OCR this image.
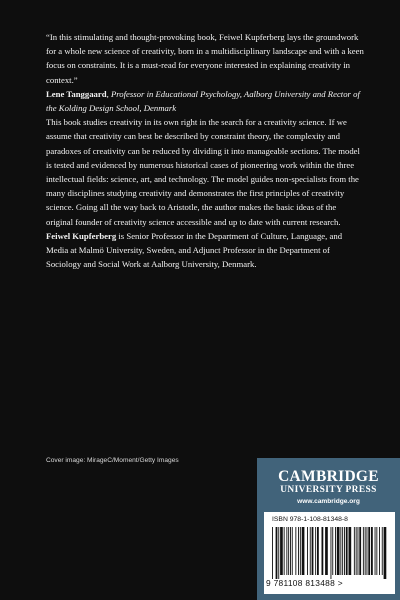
“In this stimulating and thought-provoking book, Feiwel Kupferberg lays the groundwork for a whole new science of creativity, born in a multidisciplinary landscape and with a keen focus on constraints. It is a must-read for everyone interested in explaining creativity in context.”

Lene Tanggaard, Professor in Educational Psychology, Aalborg University and Rector of the Kolding Design School, Denmark

This book studies creativity in its own right in the search for a creativity science. If we assume that creativity can best be described by constraint theory, the complexity and paradoxes of creativity can be reduced by dividing it into manageable sections. The model is tested and evidenced by numerous historical cases of pioneering work within the three intellectual fields: science, art, and technology. The model guides non-specialists from the many disciplines studying creativity and demonstrates the first principles of creativity science. Going all the way back to Aristotle, the author makes the basic ideas of the original founder of creativity science accessible and up to date with current research.

Feiwel Kupferberg is Senior Professor in the Department of Culture, Language, and Media at Malmö University, Sweden, and Adjunct Professor in the Department of Sociology and Social Work at Aalborg University, Denmark.

Cover image: MirageC/Moment/Getty Images
CAMBRIDGE
UNIVERSITY PRESS
www.cambridge.org
ISBN 978-1-108-81348-8
9 781108 813488 >
